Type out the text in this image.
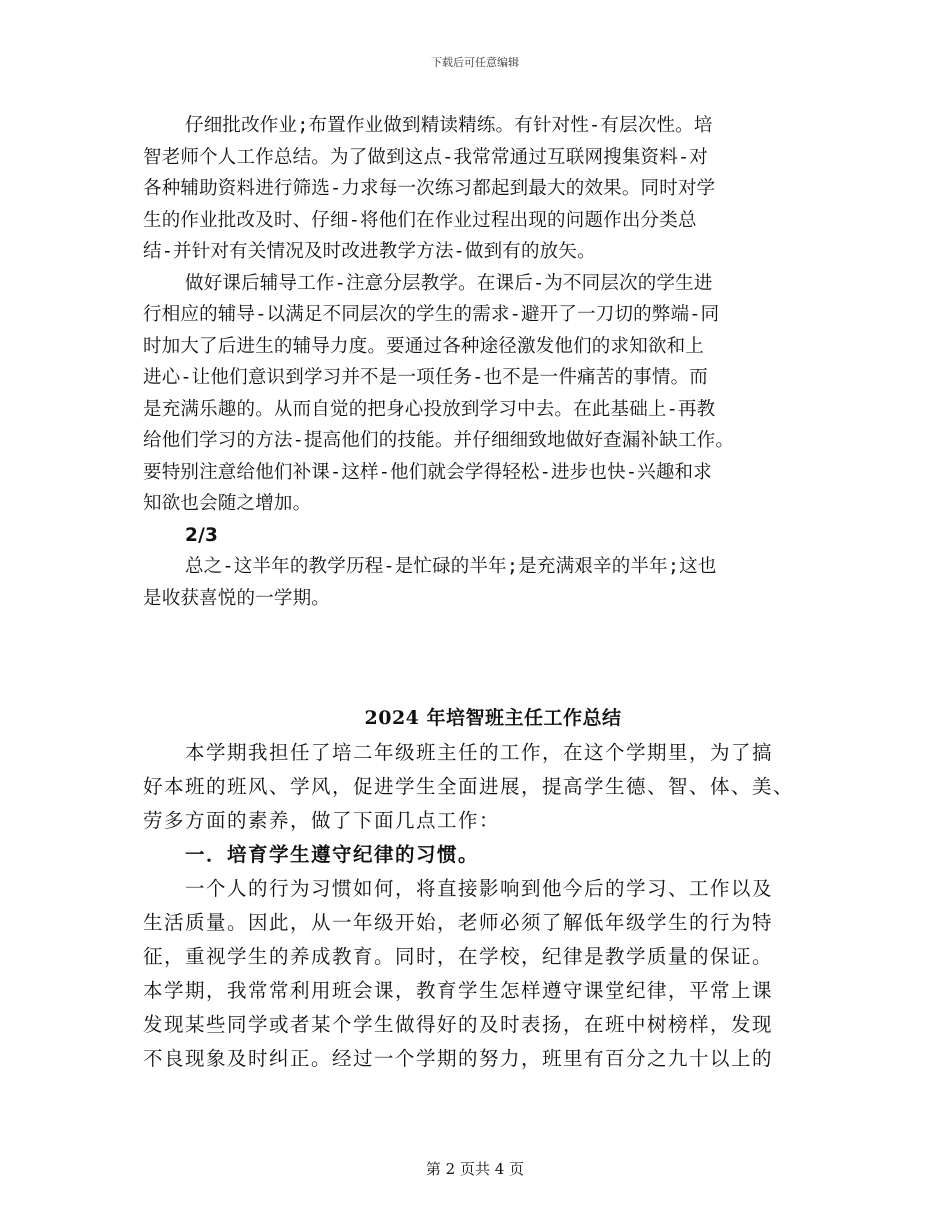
下载后可任意编辑
仔细批改作业;布置作业做到精读精练。有针对性-有层次性。培
智老师个人工作总结。为了做到这点-我常常通过互联网搜集资料-对
各种辅助资料进行筛选-力求每一次练习都起到最大的效果。同时对学
生的作业批改及时、仔细-将他们在作业过程出现的问题作出分类总
结-并针对有关情况及时改进教学方法-做到有的放矢。
做好课后辅导工作-注意分层教学。在课后-为不同层次的学生进
行相应的辅导-以满足不同层次的学生的需求-避开了一刀切的弊端-同
时加大了后进生的辅导力度。要通过各种途径激发他们的求知欲和上
进心-让他们意识到学习并不是一项任务-也不是一件痛苦的事情。而
是充满乐趣的。从而自觉的把身心投放到学习中去。在此基础上-再教
给他们学习的方法-提高他们的技能。并仔细细致地做好查漏补缺工作。
要特别注意给他们补课-这样-他们就会学得轻松-进步也快-兴趣和求
知欲也会随之增加。
2/3
总之-这半年的教学历程-是忙碌的半年;是充满艰辛的半年;这也
是收获喜悦的一学期。
2024 年培智班主任工作总结
本学期我担任了培二年级班主任的工作，在这个学期里，为了搞
好本班的班风、学风，促进学生全面进展，提高学生德、智、体、美、
劳多方面的素养，做了下面几点工作：
一．培育学生遵守纪律的习惯。
一个人的行为习惯如何，将直接影响到他今后的学习、工作以及
生活质量。因此，从一年级开始，老师必须了解低年级学生的行为特
征，重视学生的养成教育。同时，在学校，纪律是教学质量的保证。
本学期，我常常利用班会课，教育学生怎样遵守课堂纪律，平常上课
发现某些同学或者某个学生做得好的及时表扬，在班中树榜样，发现
不良现象及时纠正。经过一个学期的努力，班里有百分之九十以上的
第 2 页共 4 页
